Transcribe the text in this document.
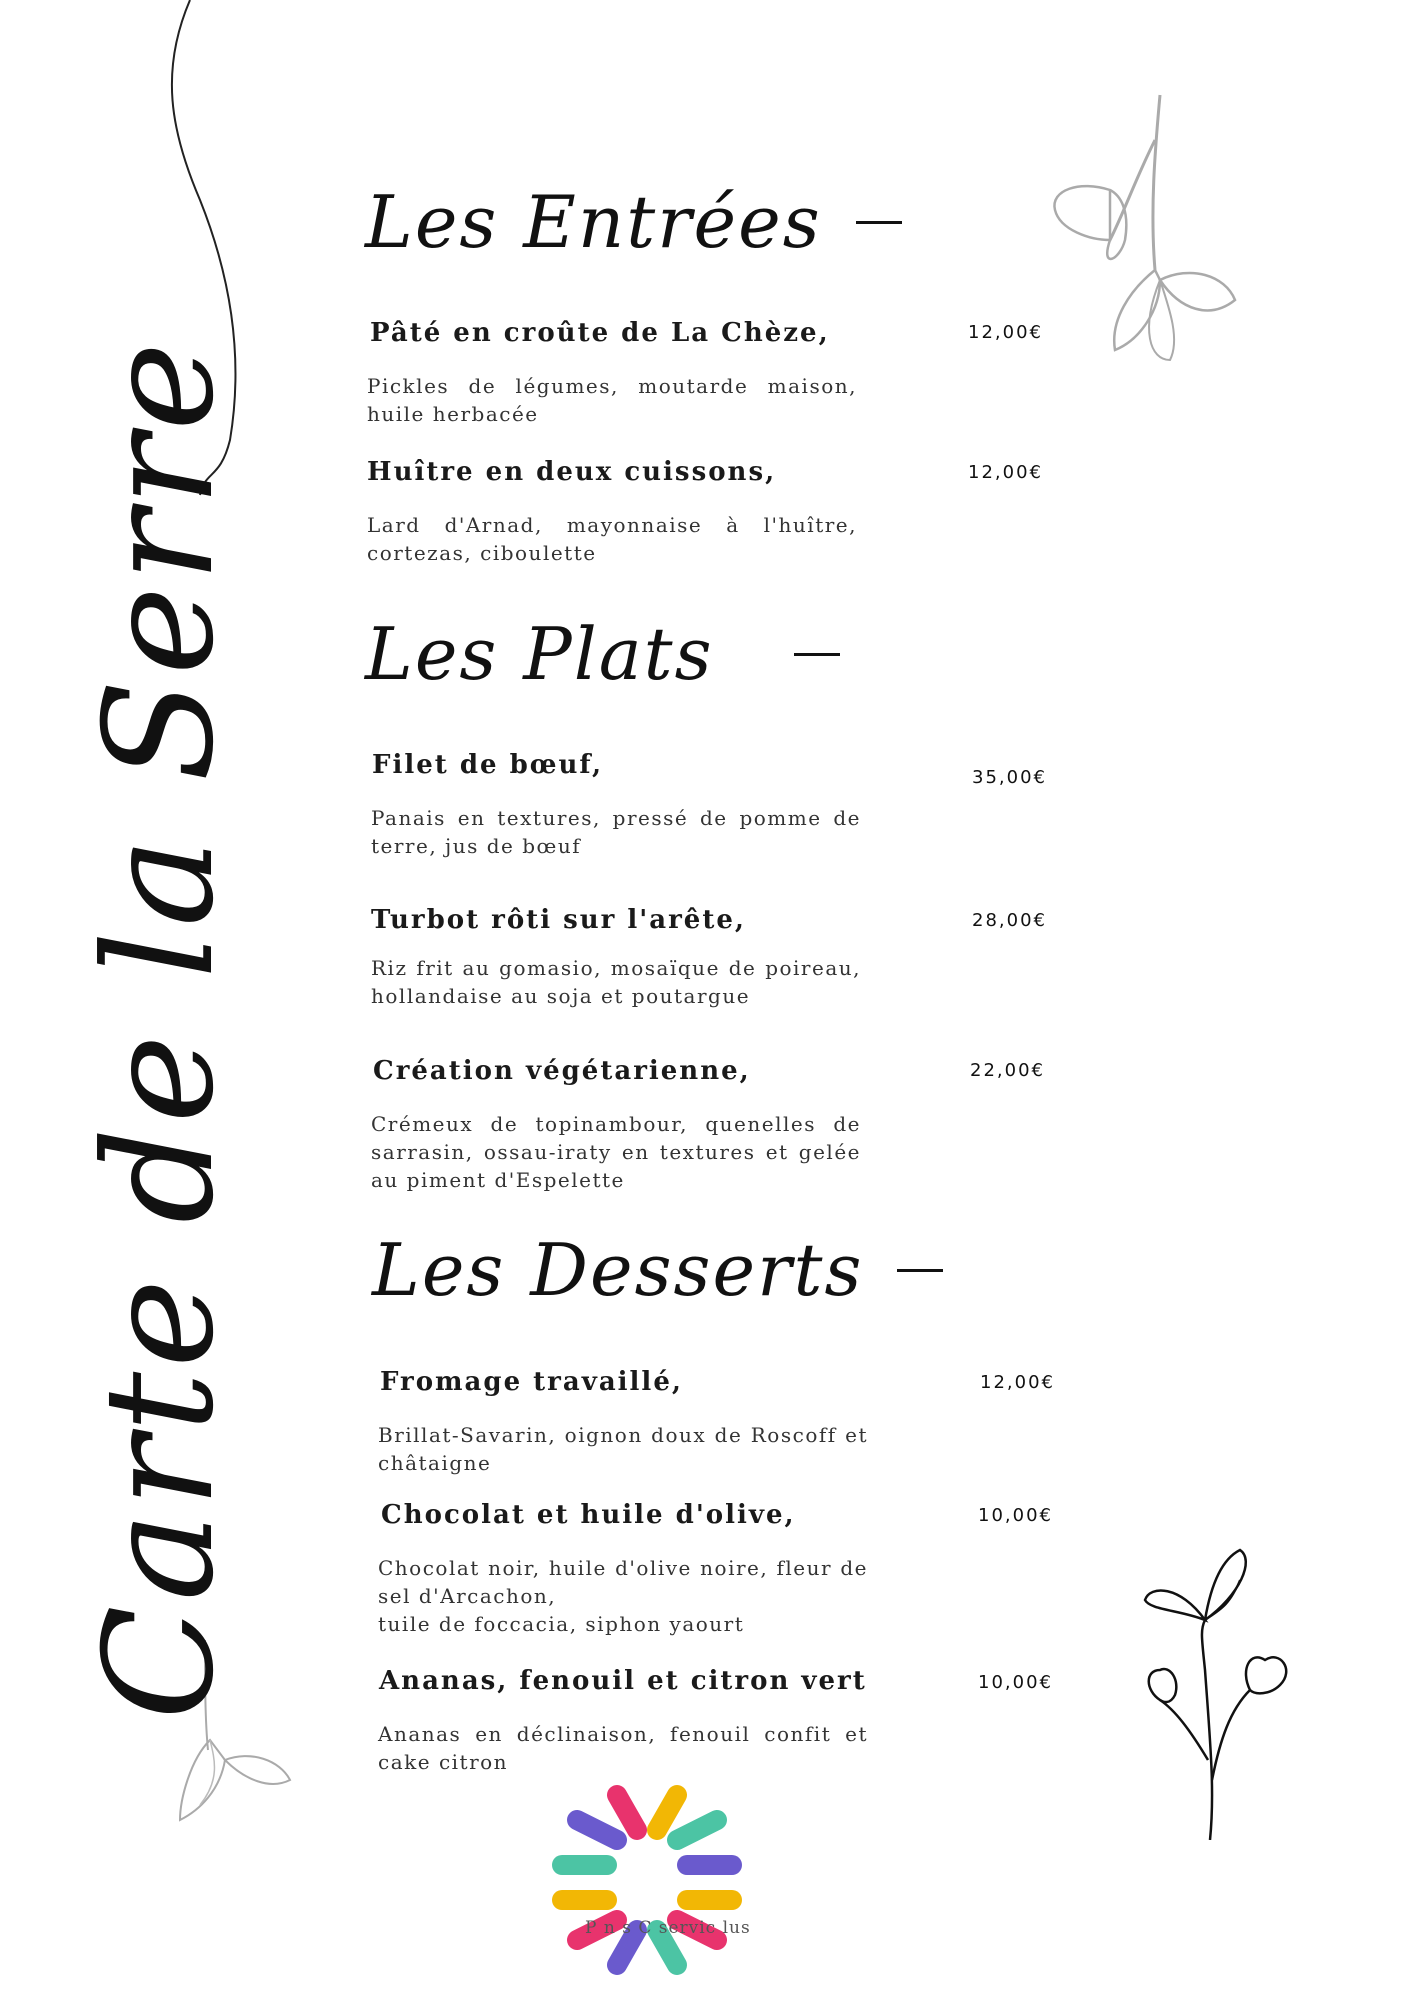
Carte de la Serre
Les Entrées
Pâté en croûte de La Chèze,	12,00€
Pickles de légumes, moutarde maison, huile herbacée
Huître en deux cuissons,	12,00€
Lard d'Arnad, mayonnaise à l'huître, cortezas, ciboulette
Les Plats
Filet de bœuf,	35,00€
Panais en textures, pressé de pomme de terre, jus de bœuf
Turbot rôti sur l'arête,	28,00€
Riz frit au gomasio, mosaïque de poireau, hollandaise au soja et poutargue
Création végétarienne,	22,00€
Crémeux de topinambour, quenelles de sarrasin, ossau-iraty en textures et gelée au piment d'Espelette
Les Desserts
Fromage travaillé,	12,00€
Brillat-Savarin, oignon doux de Roscoff et châtaigne
Chocolat et huile d'olive,	10,00€
Chocolat noir, huile d'olive noire, fleur de sel d'Arcachon,
tuile de foccacia, siphon yaourt
Ananas, fenouil et citron vert	10,00€
Ananas en déclinaison, fenouil confit et cake citron
P n s C servic lus
